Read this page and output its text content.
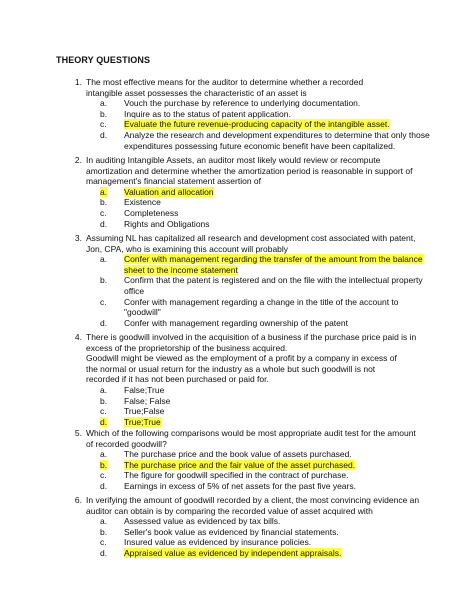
THEORY QUESTIONS
1. The most effective means for the auditor to determine whether a recorded

intangible asset possesses the characteristic of an asset is

a. Vouch the purchase by reference to underlying documentation.
b. Inquire as to the status of patent application.
c. Evaluate the future revenue-producing capacity of the intangible asset.
d. Analyze the research and development expenditures to determine that only those
expenditures possessing future economic benefit have been capitalized.
2. In auditing Intangible Assets, an auditor most likely would review or recompute

amortization and determine whether the amortization period is reasonable in support of

management's financial statement assertion of

a. Valuation and allocation
b. Existence
c. Completeness
d. Rights and Obligations
3. Assuming NL has capitalized all research and development cost associated with patent,

Jon, CPA, who is examining this account will probably

a. Confer with management regarding the transfer of the amount from the balance
sheet to the income statement
b. Confirm that the patent is registered and on the file with the intellectual property
office
c. Confer with management regarding a change in the title of the account to
"goodwill"
d. Confer with management regarding ownership of the patent
4. There is goodwill involved in the acquisition of a business if the purchase price paid is in

excess of the proprietorship of the business acquired.

Goodwill might be viewed as the employment of a profit by a company in excess of

the normal or usual return for the industry as a whole but such goodwill is not

recorded if it has not been purchased or paid for.

a. False;True
b. False; False
c. True;False
d. True;True
5. Which of the following comparisons would be most appropriate audit test for the amount

of recorded goodwill?

a. The purchase price and the book value of assets purchased.
b. The purchase price and the fair value of the asset purchased.
c. The figure for goodwill specified in the contract of purchase.
d. Earnings in excess of 5% of net assets for the past five years.
6. In verifying the amount of goodwill recorded by a client, the most convincing evidence an

auditor can obtain is by comparing the recorded value of asset acquired with

a. Assessed value as evidenced by tax bills.
b. Seller's book value as evidenced by financial statements.
c. Insured value as evidenced by insurance policies.
d. Appraised value as evidenced by independent appraisals.
